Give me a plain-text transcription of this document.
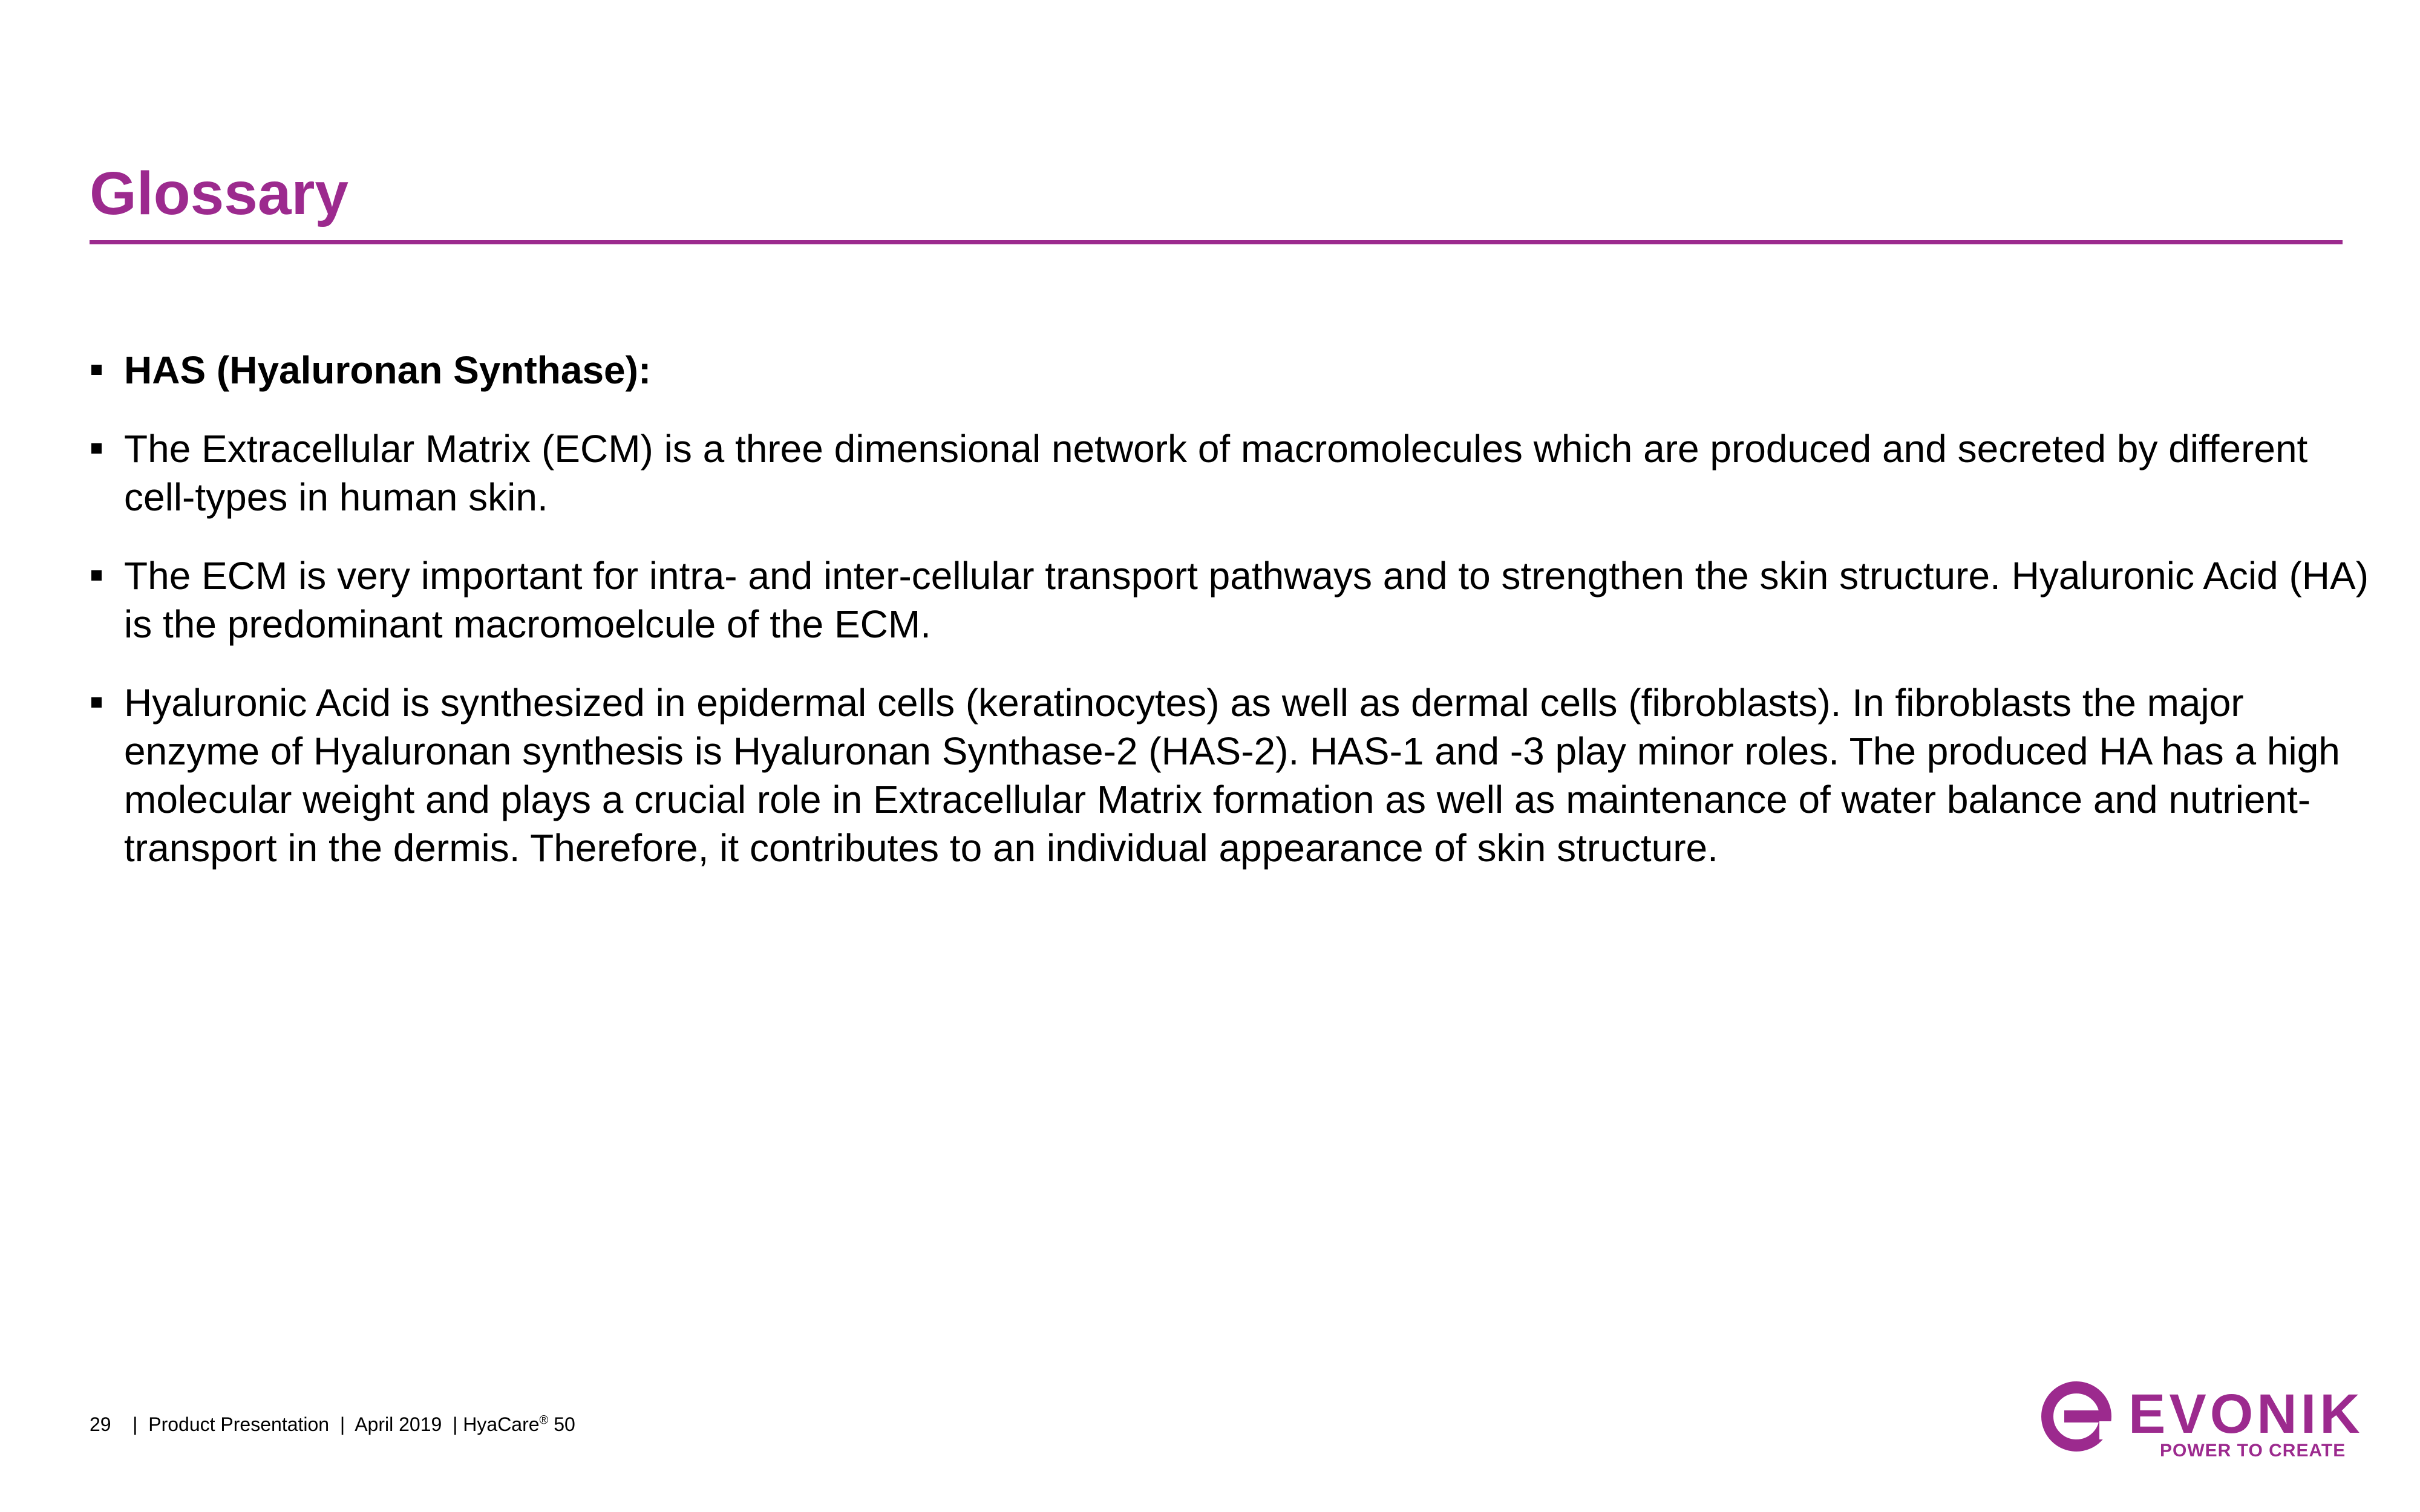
Glossary
HAS (Hyaluronan Synthase):
The Extracellular Matrix (ECM) is a three dimensional network of macromolecules which are produced and secreted by different cell-types in human skin.
The ECM is very important for intra- and inter-cellular transport pathways and to strengthen the skin structure. Hyaluronic Acid (HA) is the predominant macromoelcule of the ECM.
Hyaluronic Acid is synthesized in epidermal cells (keratinocytes) as well as dermal cells (fibroblasts). In fibroblasts the major enzyme of Hyaluronan synthesis is Hyaluronan Synthase-2 (HAS-2). HAS-1 and -3 play minor roles. The produced HA has a high molecular weight and plays a crucial role in Extracellular Matrix formation as well as maintenance of water balance and nutrient-transport in the dermis. Therefore, it contributes to an individual appearance of skin structure.
29    |  Product Presentation  |  April 2019  | HyaCare® 50	EVONIK
POWER TO CREATE
